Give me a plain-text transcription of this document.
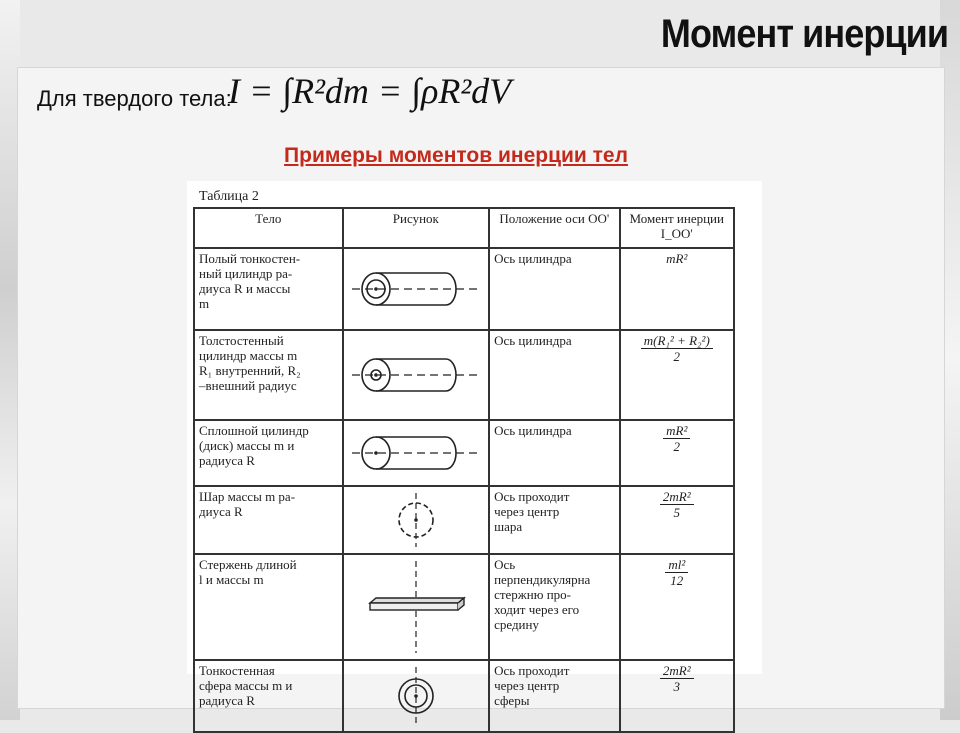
Момент инерции
Для твердого тела:
I = ∫R²dm = ∫ρR²dV
Примеры моментов инерции тел
Таблица 2
Тело	Рисунок	Положение оси ОО'	Момент инерции I_OO'
Полый тонкостен-
ный цилиндр ра-
диуса R и массы
m		Ось цилиндра	mR²

Толстостенный
цилиндр массы m
R₁ внутренний, R₂
–внешний радиус		Ось цилиндра	$\frac{\text{m(R₁² + R₂²)}}{2}$

Сплошной цилиндр
(диск) массы m и
радиуса R		Ось цилиндра	$\frac{\text{mR²}}{2}$

Шар массы m ра-
диуса R		Ось проходит
через центр
шара	$\frac{\text{2mR²}}{5}$

Стержень длиной
l и массы m		Ось
перпендикулярна
стержню про-
ходит через его
средину	$\frac{\text{ml²}}{12}$

Тонкостенная
сфера массы m и
радиуса R		Ось проходит
через центр
сферы	$\frac{\text{2mR²}}{3}$
